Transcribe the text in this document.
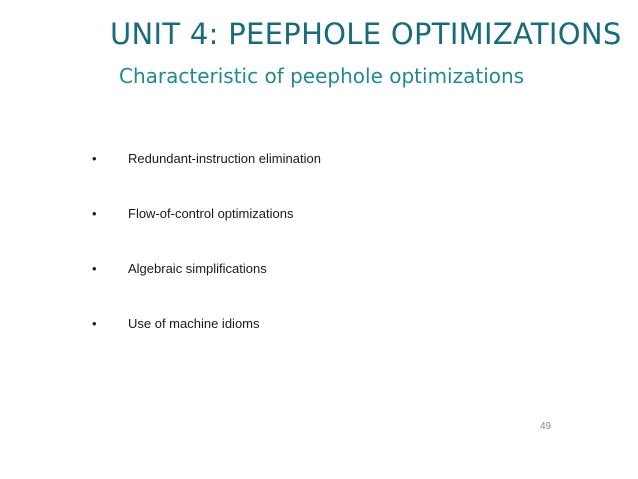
UNIT 4: PEEPHOLE OPTIMIZATIONS
Characteristic of peephole optimizations
• Redundant-instruction elimination
• Flow-of-control optimizations
• Algebraic simplifications
• Use of machine idioms
49
